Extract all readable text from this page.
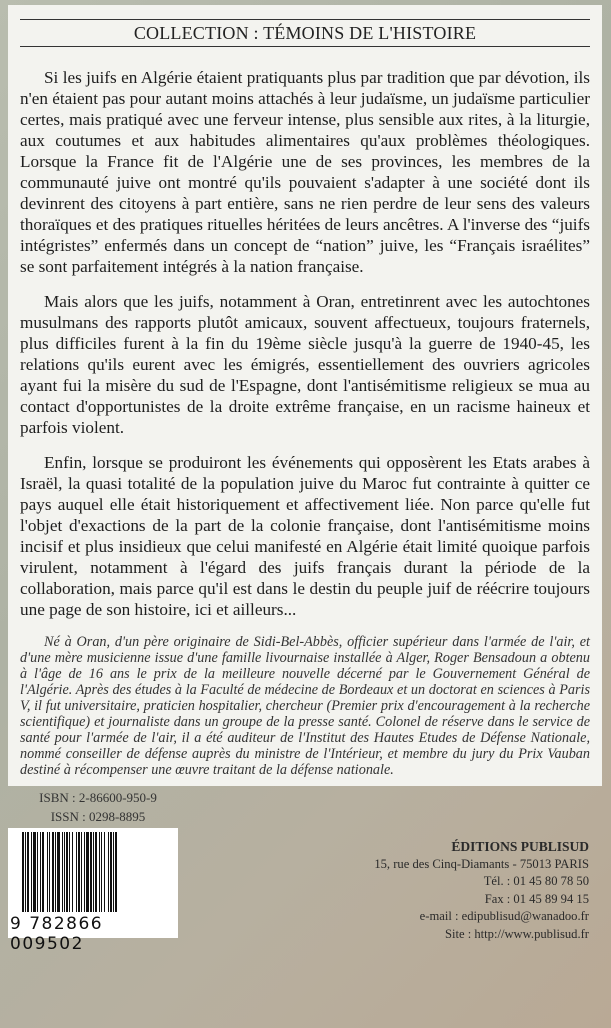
COLLECTION : TÉMOINS DE L'HISTOIRE

Si les juifs en Algérie étaient pratiquants plus par tradition que par dévotion, ils n'en étaient pas pour autant moins attachés à leur judaïsme, un judaïsme particulier certes, mais pratiqué avec une ferveur intense, plus sensible aux rites, à la liturgie, aux coutumes et aux habitudes alimentaires qu'aux problèmes théologiques. Lorsque la France fit de l'Algérie une de ses provinces, les membres de la communauté juive ont montré qu'ils pouvaient s'adapter à une société dont ils devinrent des citoyens à part entière, sans ne rien perdre de leur sens des valeurs thoraïques et des pratiques rituelles héritées de leurs ancêtres. A l'inverse des “juifs intégristes” enfermés dans un concept de “nation” juive, les “Français israélites” se sont parfaitement intégrés à la nation française.

Mais alors que les juifs, notamment à Oran, entretinrent avec les autochtones musulmans des rapports plutôt amicaux, souvent affectueux, toujours fraternels, plus difficiles furent à la fin du 19ème siècle jusqu'à la guerre de 1940-45, les relations qu'ils eurent avec les émigrés, essentiellement des ouvriers agricoles ayant fui la misère du sud de l'Espagne, dont l'antisémitisme religieux se mua au contact d'opportunistes de la droite extrême française, en un racisme haineux et parfois violent.

Enfin, lorsque se produiront les événements qui opposèrent les Etats arabes à Israël, la quasi totalité de la population juive du Maroc fut contrainte à quitter ce pays auquel elle était historiquement et affectivement liée. Non parce qu'elle fut l'objet d'exactions de la part de la colonie française, dont l'antisémitisme moins incisif et plus insidieux que celui manifesté en Algérie était limité quoique parfois virulent, notamment à l'égard des juifs français durant la période de la collaboration, mais parce qu'il est dans le destin du peuple juif de réécrire toujours une page de son histoire, ici et ailleurs...

Né à Oran, d'un père originaire de Sidi-Bel-Abbès, officier supérieur dans l'armée de l'air, et d'une mère musicienne issue d'une famille livournaise installée à Alger, Roger Bensadoun a obtenu à l'âge de 16 ans le prix de la meilleure nouvelle décerné par le Gouvernement Général de l'Algérie. Après des études à la Faculté de médecine de Bordeaux et un doctorat en sciences à Paris V, il fut universitaire, praticien hospitalier, chercheur (Premier prix d'encouragement à la recherche scientifique) et journaliste dans un groupe de la presse santé. Colonel de réserve dans le service de santé pour l'armée de l'air, il a été auditeur de l'Institut des Hautes Etudes de Défense Nationale, nommé conseiller de défense auprès du ministre de l'Intérieur, et membre du jury du Prix Vauban destiné à récompenser une œuvre traitant de la défense nationale.

ISBN : 2-86600-950-9
ISSN : 0298-8895
9 782866 009502
ÉDITIONS PUBLISUD
15, rue des Cinq-Diamants - 75013 PARIS
Tél. : 01 45 80 78 50
Fax : 01 45 89 94 15
e-mail : edipublisud@wanadoo.fr
Site : http://www.publisud.fr
